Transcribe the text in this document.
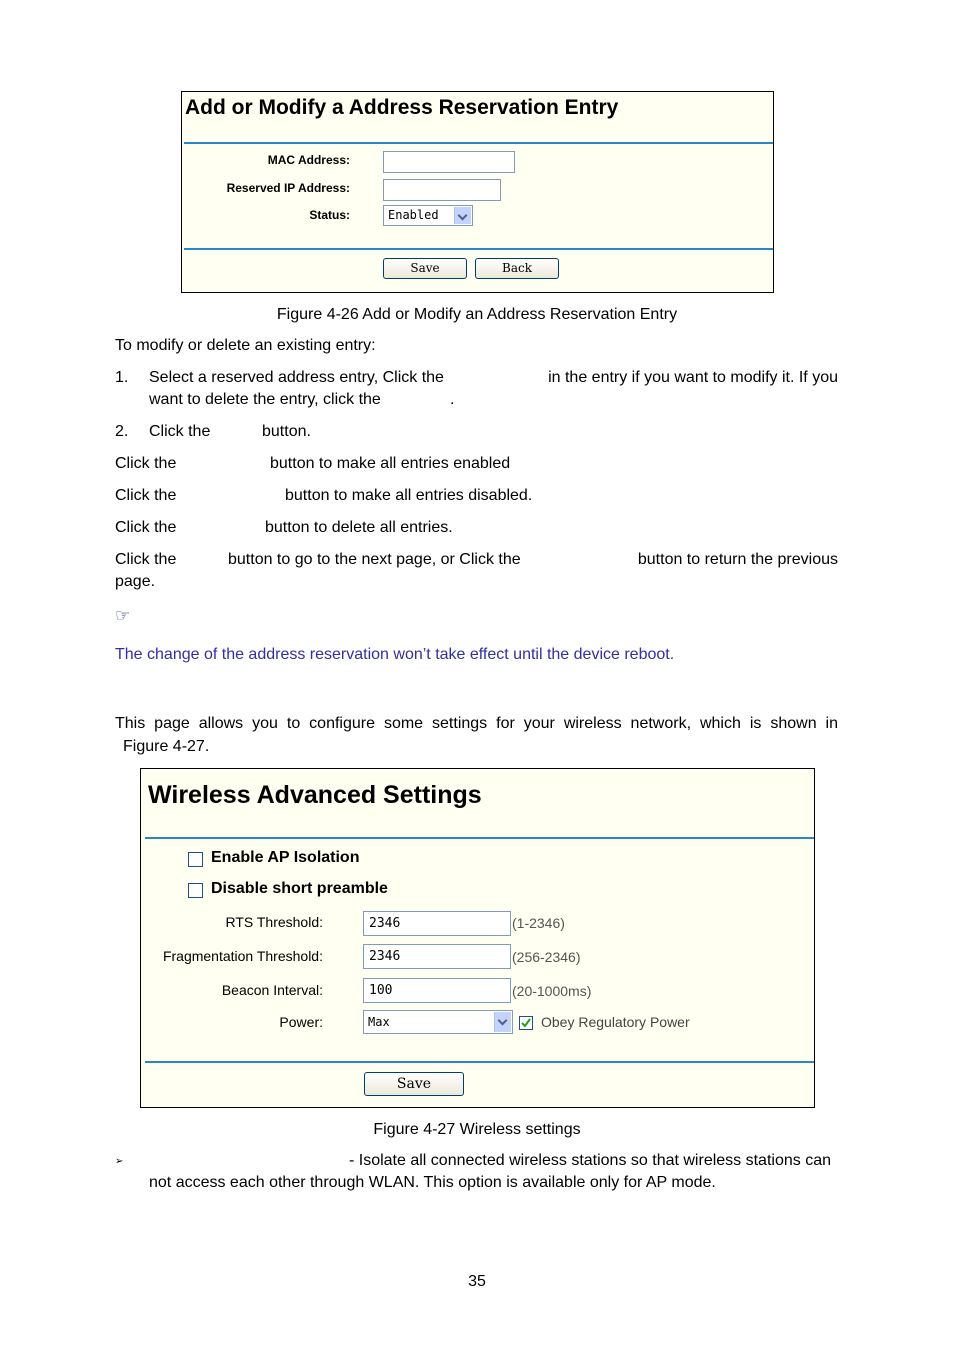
Add or Modify a Address Reservation Entry
MAC Address:
Reserved IP Address:
Status:	Enabled
Save	Back
Figure 4-26 Add or Modify an Address Reservation Entry
To modify or delete an existing entry:
1. Select a reserved address entry, Click the	in the entry if you want to modify it. If you
want to delete the entry, click the	.
2. Click the	button.
Click the	button to make all entries enabled
Click the	button to make all entries disabled.
Click the	button to delete all entries.
Click the	button to go to the next page, or Click the	button to return the previous
page.
☞
The change of the address reservation won’t take effect until the device reboot.
This page allows you to configure some settings for your wireless network, which is shown in
Figure 4-27.
Wireless Advanced Settings
Enable AP Isolation
Disable short preamble
RTS Threshold:	2346	(1-2346)
Fragmentation Threshold:	2346	(256-2346)
Beacon Interval:	100	(20-1000ms)
Power:	Max	Obey Regulatory Power
Save
Figure 4-27 Wireless settings
➢	- Isolate all connected wireless stations so that wireless stations can
not access each other through WLAN. This option is available only for AP mode.
35
